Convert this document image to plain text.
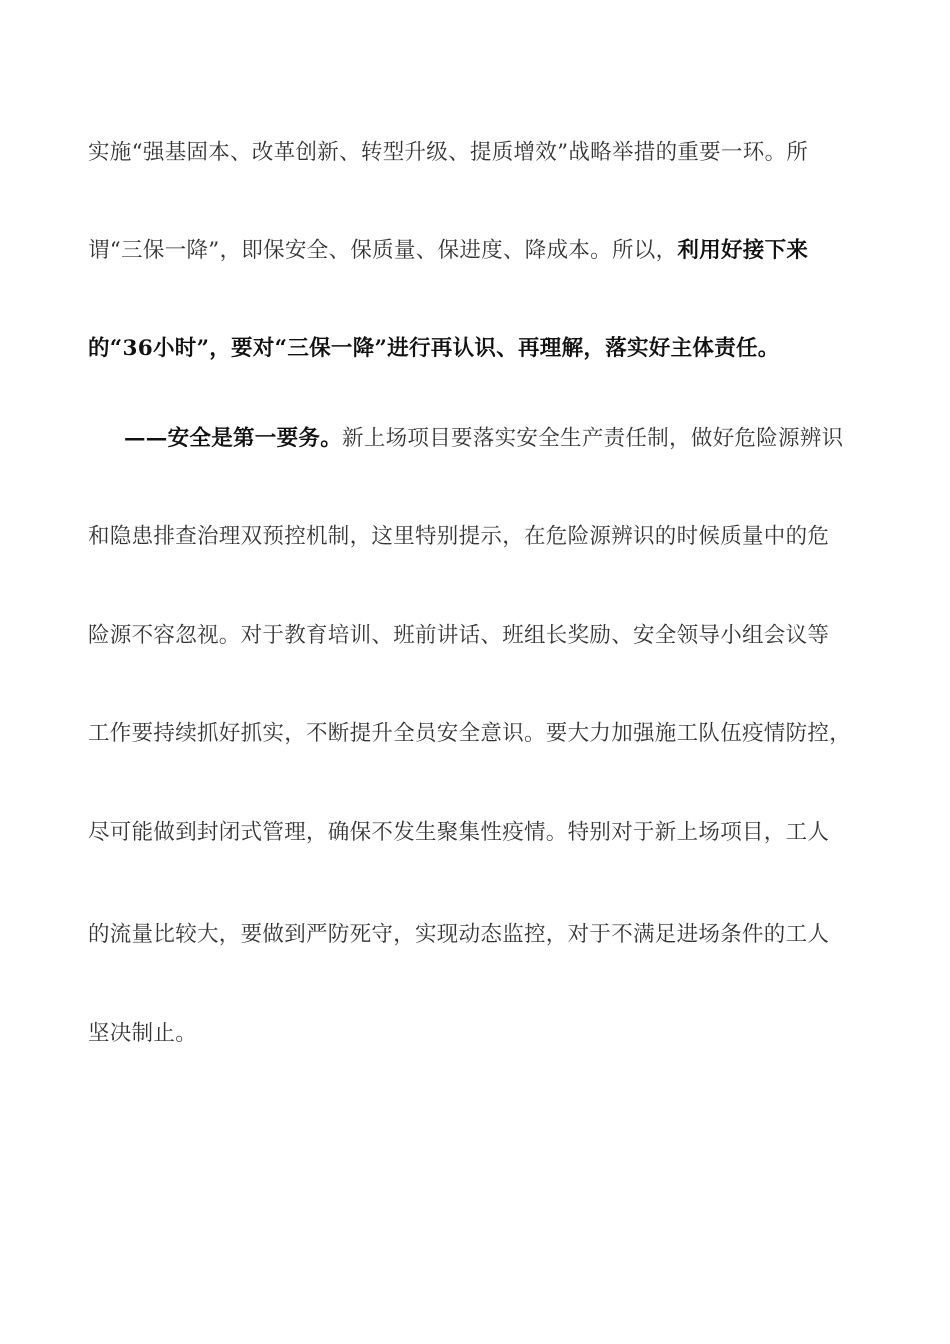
实施“强基固本、改革创新、转型升级、提质增效”战略举措的重要一环。所
谓“三保一降”，即保安全、保质量、保进度、降成本。所以，利用好接下来
的“36小时”，要对“三保一降”进行再认识、再理解，落实好主体责任。
——安全是第一要务。新上场项目要落实安全生产责任制，做好危险源辨识
和隐患排查治理双预控机制，这里特别提示，在危险源辨识的时候质量中的危
险源不容忽视。对于教育培训、班前讲话、班组长奖励、安全领导小组会议等
工作要持续抓好抓实，不断提升全员安全意识。要大力加强施工队伍疫情防控，
尽可能做到封闭式管理，确保不发生聚集性疫情。特别对于新上场项目，工人
的流量比较大，要做到严防死守，实现动态监控，对于不满足进场条件的工人
坚决制止。
